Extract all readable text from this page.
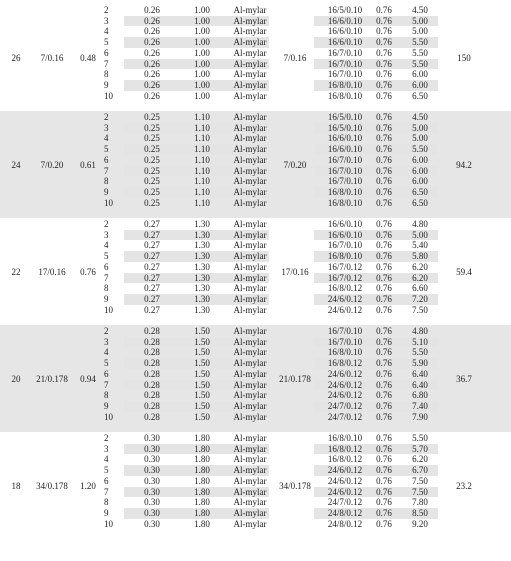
26	7/0.16	0.48	7/0.16	150
2	0.26	1.00	Al-mylar	16/5/0.10	0.76	4.50
3	0.26	1.00	Al-mylar	16/6/0.10	0.76	5.00
4	0.26	1.00	Al-mylar	16/6/0.10	0.76	5.00
5	0.26	1.00	Al-mylar	16/6/0.10	0.76	5.50
6	0.26	1.00	Al-mylar	16/7/0.10	0.76	5.50
7	0.26	1.00	Al-mylar	16/7/0.10	0.76	5.50
8	0.26	1.00	Al-mylar	16/7/0.10	0.76	6.00
9	0.26	1.00	Al-mylar	16/8/0.10	0.76	6.00
10	0.26	1.00	Al-mylar	16/8/0.10	0.76	6.50
24	7/0.20	0.61	7/0.20	94.2
2	0.25	1.10	Al-mylar	16/5/0.10	0.76	4.50
3	0.25	1.10	Al-mylar	16/5/0.10	0.76	5.00
4	0.25	1.10	Al-mylar	16/6/0.10	0.76	5.00
5	0.25	1.10	Al-mylar	16/6/0.10	0.76	5.50
6	0.25	1.10	Al-mylar	16/7/0.10	0.76	6.00
7	0.25	1.10	Al-mylar	16/7/0.10	0.76	6.00
8	0.25	1.10	Al-mylar	16/7/0.10	0.76	6.00
9	0.25	1.10	Al-mylar	16/8/0.10	0.76	6.50
10	0.25	1.10	Al-mylar	16/8/0.10	0.76	6.50
22	17/0.16	0.76	17/0.16	59.4
2	0.27	1.30	Al-mylar	16/6/0.10	0.76	4.80
3	0.27	1.30	Al-mylar	16/6/0.10	0.76	5.00
4	0.27	1.30	Al-mylar	16/7/0.10	0.76	5.40
5	0.27	1.30	Al-mylar	16/8/0.10	0.76	5.80
6	0.27	1.30	Al-mylar	16/7/0.12	0.76	6.20
7	0.27	1.30	Al-mylar	16/7/0.12	0.76	6.20
8	0.27	1.30	Al-mylar	16/8/0.12	0.76	6.60
9	0.27	1.30	Al-mylar	24/6/0.12	0.76	7.20
10	0.27	1.30	Al-mylar	24/6/0.12	0.76	7.50
20	21/0.178	0.94	21/0.178	36.7
2	0.28	1.50	Al-mylar	16/7/0.10	0.76	4.80
3	0.28	1.50	Al-mylar	16/7/0.10	0.76	5.10
4	0.28	1.50	Al-mylar	16/8/0.10	0.76	5.50
5	0.28	1.50	Al-mylar	16/8/0.12	0.76	5.90
6	0.28	1.50	Al-mylar	24/6/0.12	0.76	6.40
7	0.28	1.50	Al-mylar	24/6/0.12	0.76	6.40
8	0.28	1.50	Al-mylar	24/6/0.12	0.76	6.80
9	0.28	1.50	Al-mylar	24/7/0.12	0.76	7.40
10	0.28	1.50	Al-mylar	24/7/0.12	0.76	7.90
18	34/0.178	1.20	34/0.178	23.2
2	0.30	1.80	Al-mylar	16/8/0.10	0.76	5.50
3	0.30	1.80	Al-mylar	16/8/0.12	0.76	5.70
4	0.30	1.80	Al-mylar	16/8/0.12	0.76	6.20
5	0.30	1.80	Al-mylar	24/6/0.12	0.76	6.70
6	0.30	1.80	Al-mylar	24/6/0.12	0.76	7.50
7	0.30	1.80	Al-mylar	24/6/0.12	0.76	7.50
8	0.30	1.80	Al-mylar	24/7/0.12	0.76	7.80
9	0.30	1.80	Al-mylar	24/8/0.12	0.76	8.50
10	0.30	1.80	Al-mylar	24/8/0.12	0.76	9.20
